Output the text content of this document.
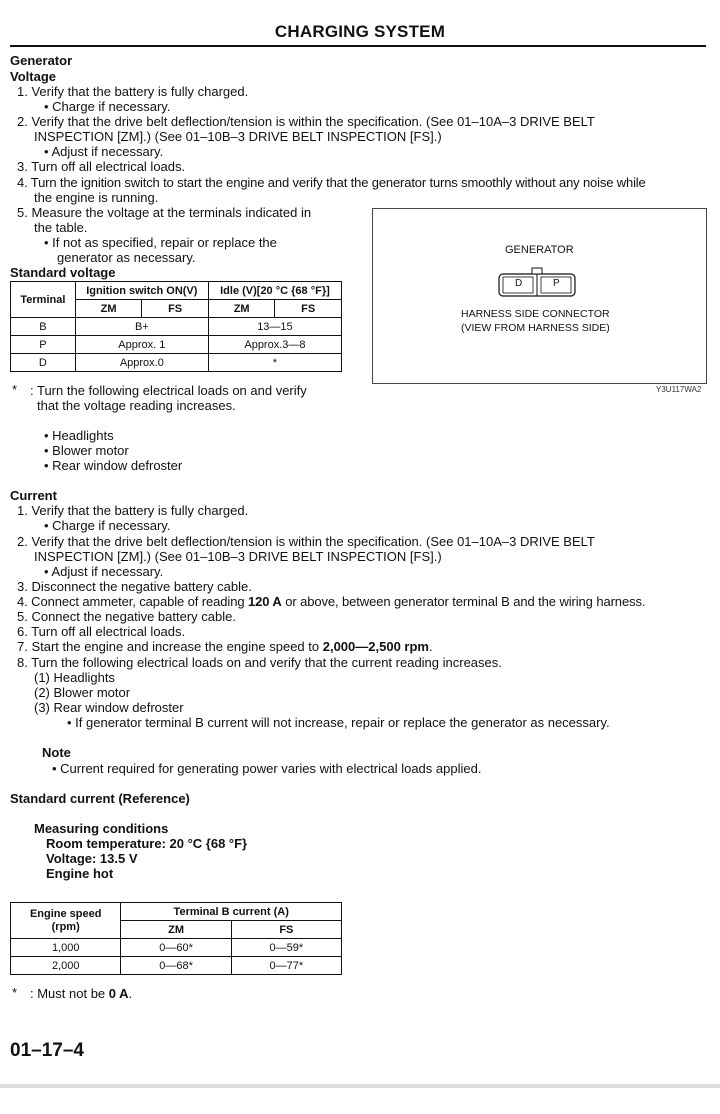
CHARGING SYSTEM
Generator
Voltage
1. Verify that the battery is fully charged.
• Charge if necessary.
2. Verify that the drive belt deflection/tension is within the specification. (See 01–10A–3 DRIVE BELT
INSPECTION [ZM].) (See 01–10B–3 DRIVE BELT INSPECTION [FS].)
• Adjust if necessary.
3. Turn off all electrical loads.
4. Turn the ignition switch to start the engine and verify that the generator turns smoothly without any noise while
the engine is running.
5. Measure the voltage at the terminals indicated in
the table.
• If not as specified, repair or replace the
generator as necessary.
Standard voltage
Terminal	Ignition switch ON(V)		Idle (V)[20 °C {68 °F}]	
	ZM	FS	ZM	FS
B	B+		13—15	
P	Approx. 1		Approx.3—8	
D	Approx.0		*	
GENERATOR
D	P
HARNESS SIDE CONNECTOR
(VIEW FROM HARNESS SIDE)
Y3U117WA2
* : Turn the following electrical loads on and verify
that the voltage reading increases.
• Headlights
• Blower motor
• Rear window defroster
Current
1. Verify that the battery is fully charged.
• Charge if necessary.
2. Verify that the drive belt deflection/tension is within the specification. (See 01–10A–3 DRIVE BELT
INSPECTION [ZM].) (See 01–10B–3 DRIVE BELT INSPECTION [FS].)
• Adjust if necessary.
3. Disconnect the negative battery cable.
4. Connect ammeter, capable of reading 120 A or above, between generator terminal B and the wiring harness.
5. Connect the negative battery cable.
6. Turn off all electrical loads.
7. Start the engine and increase the engine speed to 2,000—2,500 rpm.
8. Turn the following electrical loads on and verify that the current reading increases.
(1) Headlights
(2) Blower motor
(3) Rear window defroster
• If generator terminal B current will not increase, repair or replace the generator as necessary.
Note
• Current required for generating power varies with electrical loads applied.
Standard current (Reference)
Measuring conditions
Room temperature: 20 °C {68 °F}
Voltage: 13.5 V
Engine hot
Engine speed
(rpm)	Terminal B current (A)	
	ZM	FS
1,000	0—60*	0—59*
2,000	0—68*	0—77*
* : Must not be 0 A.
01–17–4
